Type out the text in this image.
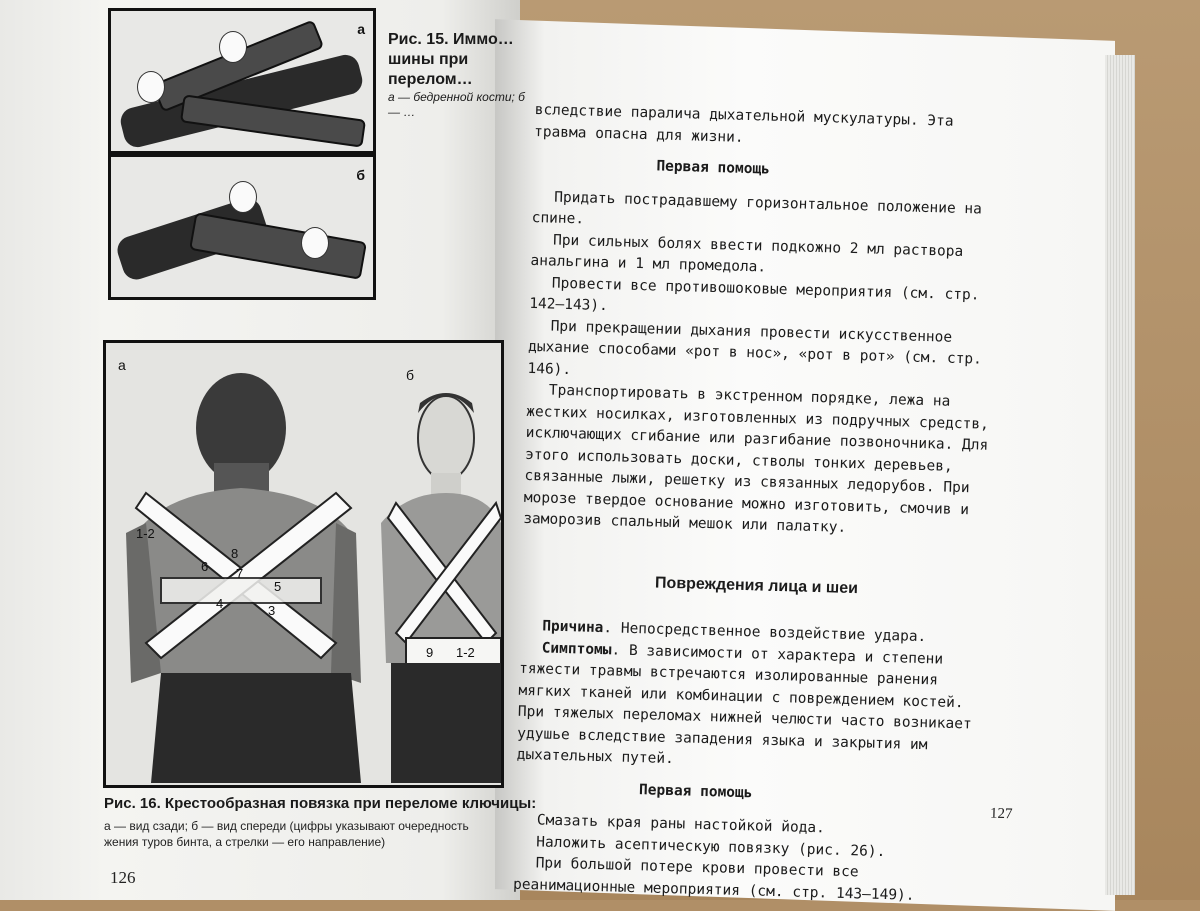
а
б
Рис. 15. Иммо…
шины при перелом…
а — бедренной кости; б — …
а
б
1-2
8
6 7
5
4	3
9 1-2
Рис. 16. Крестообразная повязка при переломе ключицы:
а — вид сзади; б — вид спереди (цифры указывают очередность
жения туров бинта, а стрелки — его направление)
126

вследствие паралича дыхательной мускулатуры. Эта травма опасна для жизни.

Первая помощь

Придать пострадавшему горизонтальное положение на спине.

При сильных болях ввести подкожно 2 мл раствора анальгина и 1 мл промедола.

Провести все противошоковые мероприятия (см. стр. 142—143).

При прекращении дыхания провести искусственное дыхание способами «рот в нос», «рот в рот» (см. стр. 146).

Транспортировать в экстренном порядке, лежа на жестких носилках, изготовленных из подручных средств, исключающих сгибание или разгибание позвоночника. Для этого использовать доски, стволы тонких деревьев, связанные лыжи, решетку из связанных ледорубов. При морозе твердое основание можно изготовить, смочив и заморозив спальный мешок или палатку.

Повреждения лица и шеи

Причина. Непосредственное воздействие удара.

Симптомы. В зависимости от характера и степени тяжести травмы встречаются изолированные ранения мягких тканей или комбинации с повреждением костей. При тяжелых переломах нижней челюсти часто возникает удушье вследствие западения языка и закрытия им дыхательных путей.

Первая помощь

Смазать края раны настойкой йода.

Наложить асептическую повязку (рис. 26).

При большой потере крови провести все реанимационные мероприятия (см. стр. 143—149).

127
